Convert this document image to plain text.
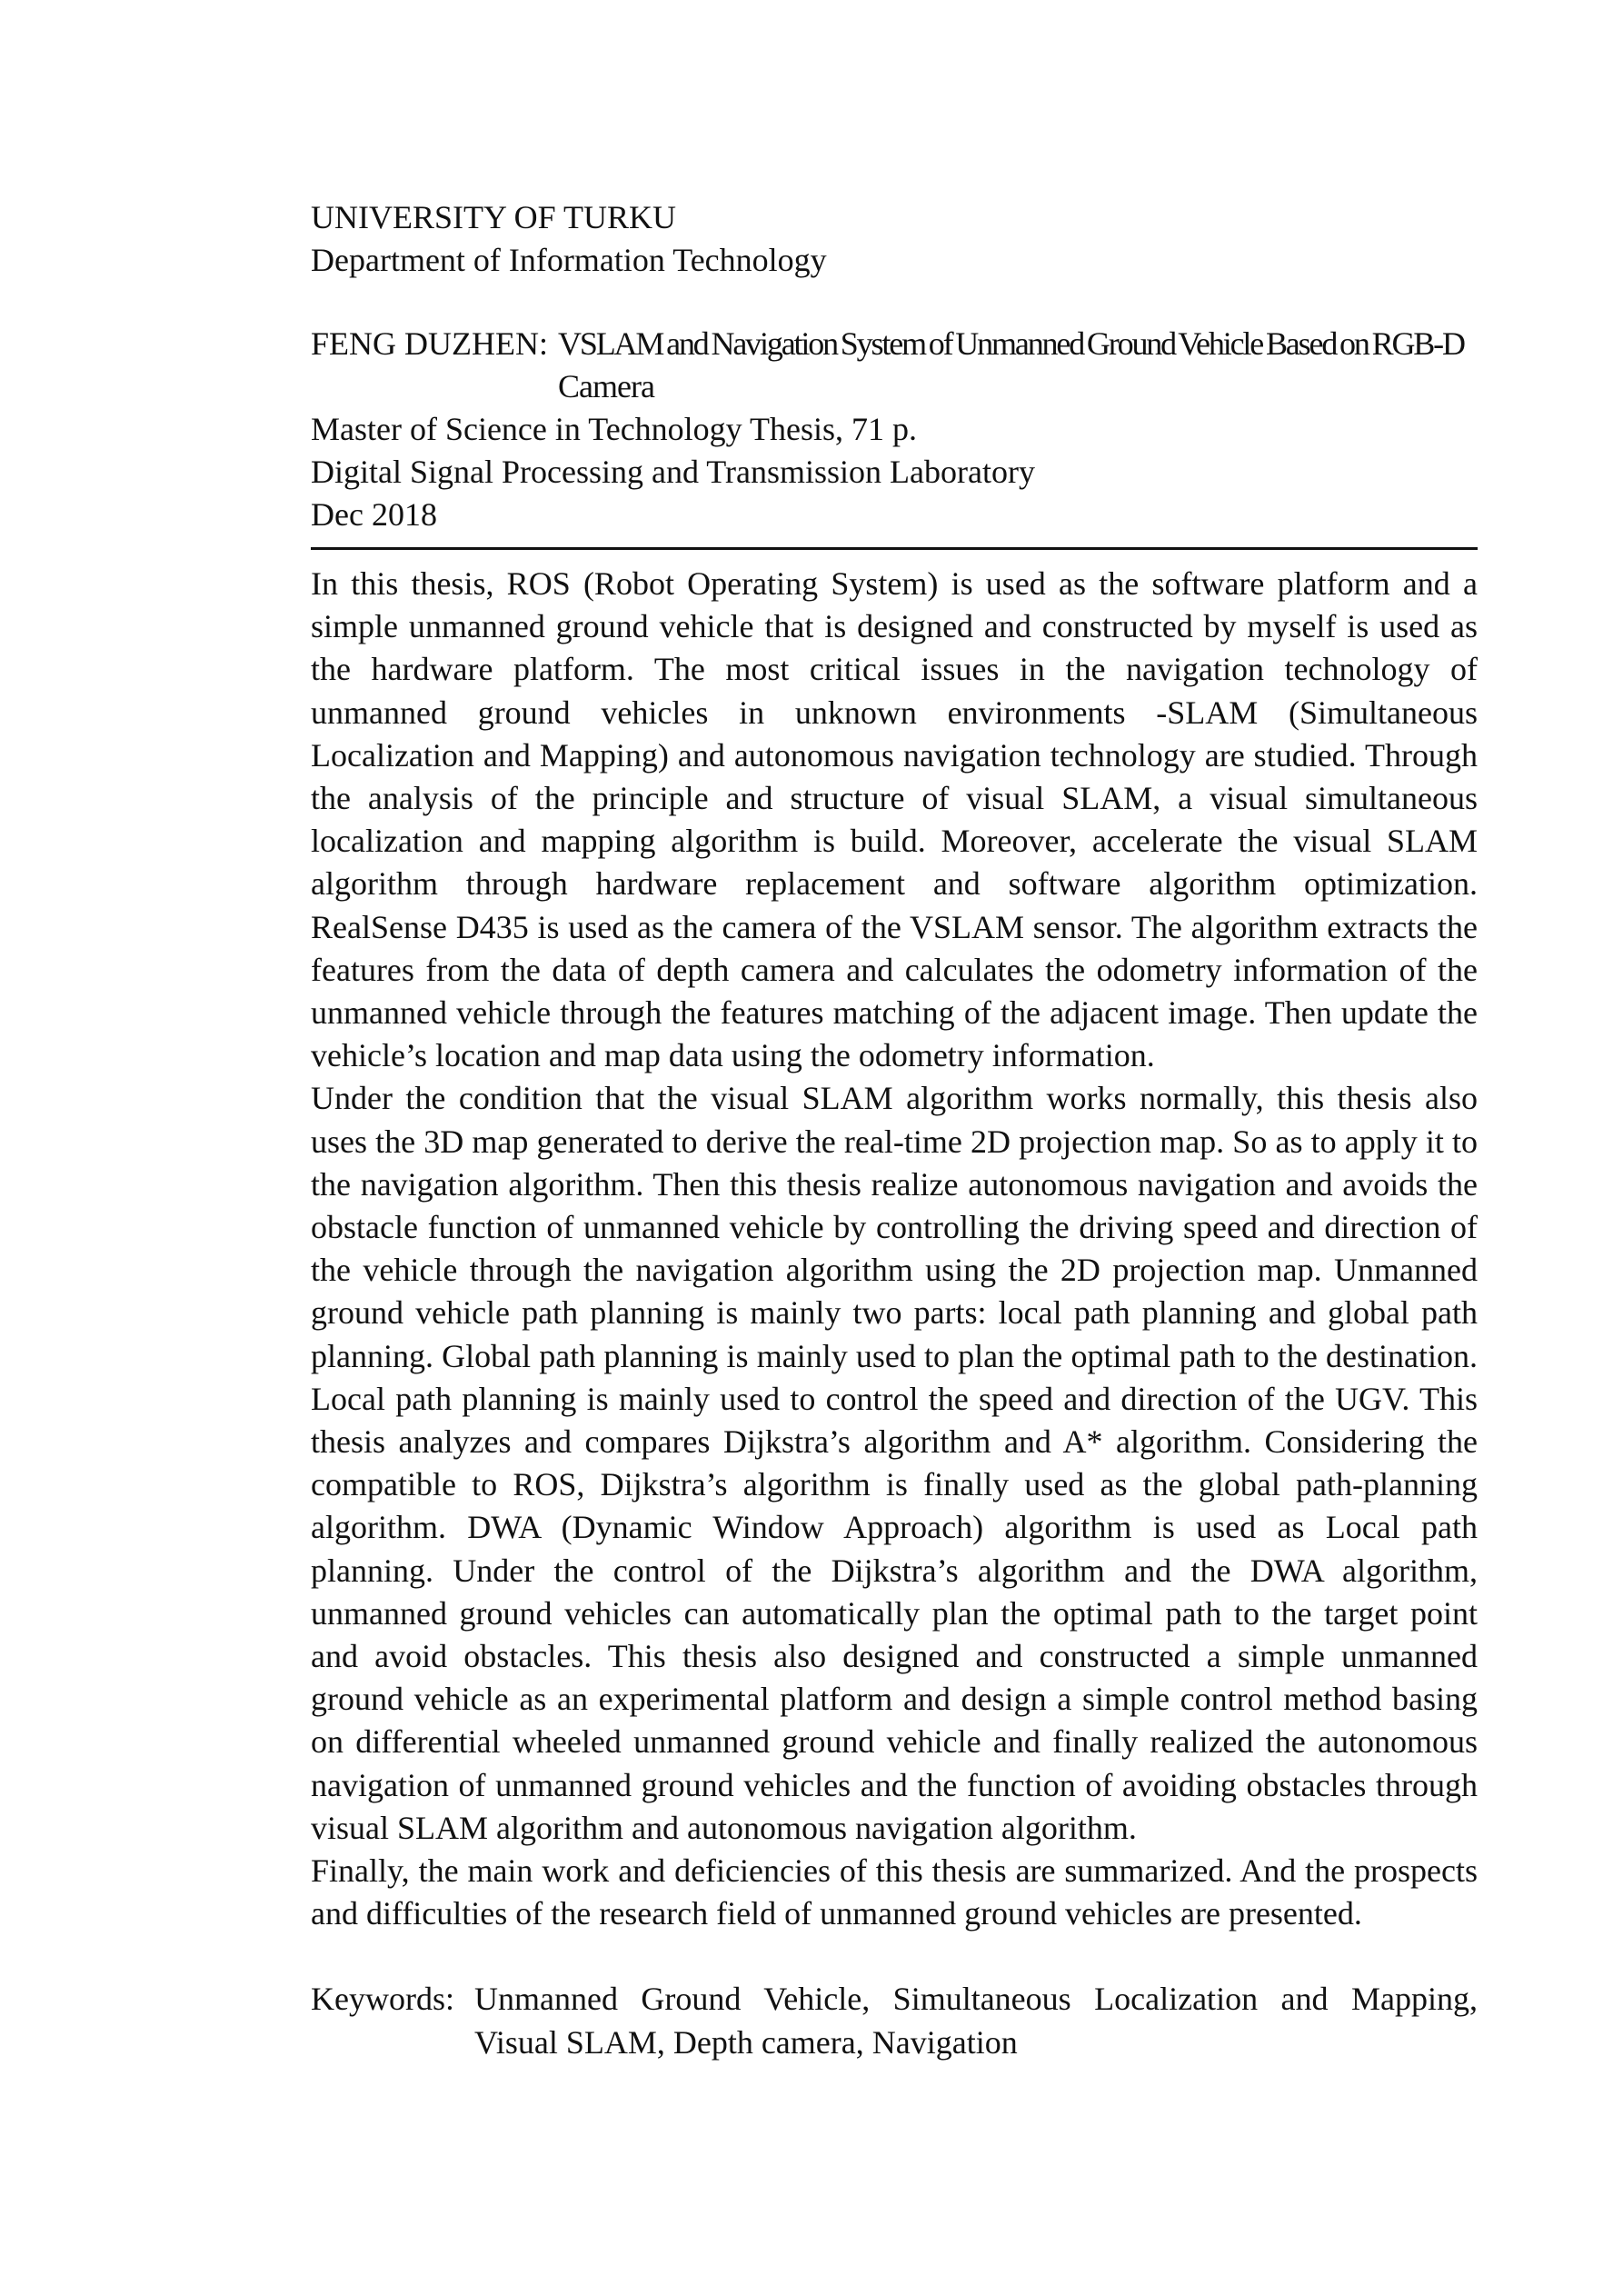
UNIVERSITY OF TURKU

Department of Information Technology

FENG DUZHEN: VSLAM and Navigation System of Unmanned Ground Vehicle Based on RGB-D
Camera

Master of Science in Technology Thesis, 71 p.

Digital Signal Processing and Transmission Laboratory

Dec 2018

In this thesis, ROS (Robot Operating System) is used as the software platform and a simple unmanned ground vehicle that is designed and constructed by myself is used as the hardware platform. The most critical issues in the navigation technology of unmanned ground vehicles in unknown environments -SLAM (Simultaneous Localization and Mapping) and autonomous navigation technology are studied. Through the analysis of the principle and structure of visual SLAM, a visual simultaneous localization and mapping algorithm is build. Moreover, accelerate the visual SLAM algorithm through hardware replacement and software algorithm optimization. RealSense D435 is used as the camera of the VSLAM sensor. The algorithm extracts the features from the data of depth camera and calculates the odometry information of the unmanned vehicle through the features matching of the adjacent image. Then update the vehicle’s location and map data using the odometry information.

Under the condition that the visual SLAM algorithm works normally, this thesis also uses the 3D map generated to derive the real-time 2D projection map. So as to apply it to the navigation algorithm. Then this thesis realize autonomous navigation and avoids the obstacle function of unmanned vehicle by controlling the driving speed and direction of the vehicle through the navigation algorithm using the 2D projection map. Unmanned ground vehicle path planning is mainly two parts: local path planning and global path planning. Global path planning is mainly used to plan the optimal path to the destination. Local path planning is mainly used to control the speed and direction of the UGV. This thesis analyzes and compares Dijkstra’s algorithm and A* algorithm. Considering the compatible to ROS, Dijkstra’s algorithm is finally used as the global path-planning algorithm. DWA (Dynamic Window Approach) algorithm is used as Local path planning. Under the control of the Dijkstra’s algorithm and the DWA algorithm, unmanned ground vehicles can automatically plan the optimal path to the target point and avoid obstacles. This thesis also designed and constructed a simple unmanned ground vehicle as an experimental platform and design a simple control method basing on differential wheeled unmanned ground vehicle and finally realized the autonomous navigation of unmanned ground vehicles and the function of avoiding obstacles through visual SLAM algorithm and autonomous navigation algorithm.

Finally, the main work and deficiencies of this thesis are summarized. And the prospects and difficulties of the research field of unmanned ground vehicles are presented.

Keywords: Unmanned Ground Vehicle, Simultaneous Localization and Mapping, Visual SLAM, Depth camera, Navigation
